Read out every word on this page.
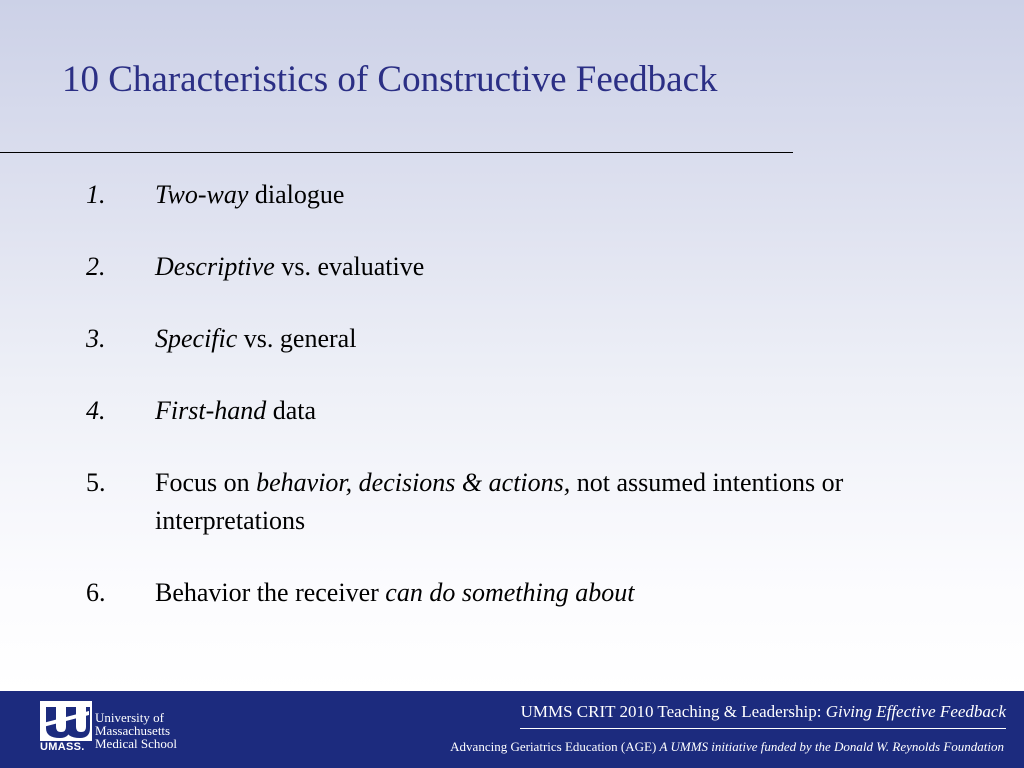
10 Characteristics of Constructive Feedback
1. Two-way dialogue
2. Descriptive vs. evaluative
3. Specific vs. general
4. First-hand data
5. Focus on behavior, decisions & actions, not assumed intentions or interpretations
6. Behavior the receiver can do something about
UMASS.
University of
Massachusetts
Medical School
UMMS CRIT 2010 Teaching & Leadership: Giving Effective Feedback
Advancing Geriatrics Education (AGE) A UMMS initiative funded by the Donald W. Reynolds Foundation
